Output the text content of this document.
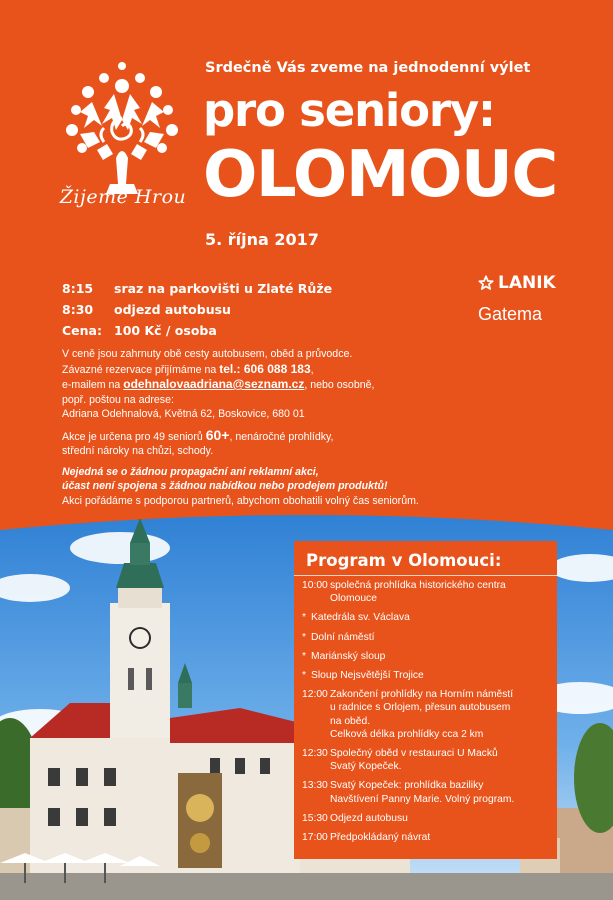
Žijeme Hrou
Srdečně Vás zveme na jednodenní výlet
pro seniory:
OLOMOUC
5. října 2017
8:15	sraz na parkovišti u Zlaté Růže
8:30	odjezd autobusu
Cena: 100 Kč / osoba
LANIK
Gatema

V ceně jsou zahrnuty obě cesty autobusem, oběd a průvodce.

Závazné rezervace přijímáme na tel.: 606 088 183,

e-mailem na odehnalovaadriana@seznam.cz, nebo osobně,

popř. poštou na adrese:

Adriana Odehnalová, Květná 62, Boskovice, 680 01

Akce je určena pro 49 seniorů 60+, nenáročné prohlídky,

střední nároky na chůzi, schody.

Nejedná se o žádnou propagační ani reklamní akci,

účast není spojena s žádnou nabídkou nebo prodejem produktů!

Akci pořádáme s podporou partnerů, abychom obohatili volný čas seniorům.

Program v Olomouci:
10:00 společná prohlídka historického centra
Olomouce
* Katedrála sv. Václava
* Dolní náměstí
* Mariánský sloup
* Sloup Nejsvětější Trojice
12:00 Zakončení prohlídky na Horním náměstí
u radnice s Orlojem, přesun autobusem
na oběd.
Celková délka prohlídky cca 2 km
12:30 Společný oběd v restauraci U Macků
Svatý Kopeček.
13:30 Svatý Kopeček: prohlídka baziliky
Navštívení Panny Marie. Volný program.
15:30 Odjezd autobusu
17:00 Předpokládaný návrat
